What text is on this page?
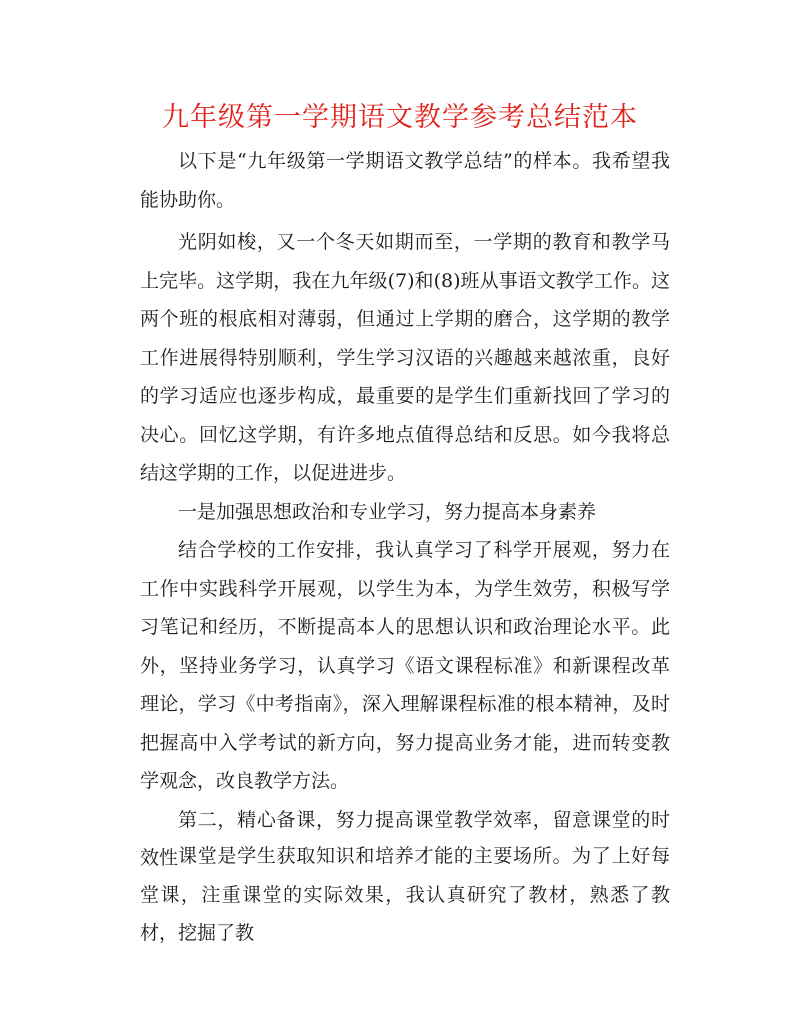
九年级第一学期语文教学参考总结范本

以下是“九年级第一学期语文教学总结”的样本。我希望我能协助你。

光阴如梭，又一个冬天如期而至，一学期的教育和教学马上完毕。这学期，我在九年级(7)和(8)班从事语文教学工作。这两个班的根底相对薄弱，但通过上学期的磨合，这学期的教学工作进展得特别顺利，学生学习汉语的兴趣越来越浓重，良好的学习适应也逐步构成，最重要的是学生们重新找回了学习的决心。回忆这学期，有许多地点值得总结和反思。如今我将总结这学期的工作，以促进进步。

一是加强思想政治和专业学习，努力提高本身素养

结合学校的工作安排，我认真学习了科学开展观，努力在工作中实践科学开展观，以学生为本，为学生效劳，积极写学习笔记和经历，不断提高本人的思想认识和政治理论水平。此外，坚持业务学习，认真学习《语文课程标准》和新课程改革理论，学习《中考指南》，深入理解课程标准的根本精神，及时把握高中入学考试的新方向，努力提高业务才能，进而转变教学观念，改良教学方法。

第二，精心备课，努力提高课堂教学效率，留意课堂的时效性 课堂是学生获取知识和培养才能的主要场所。为了上好每堂课，注重课堂的实际效果，我认真研究了教材，熟悉了教材，挖掘了教
